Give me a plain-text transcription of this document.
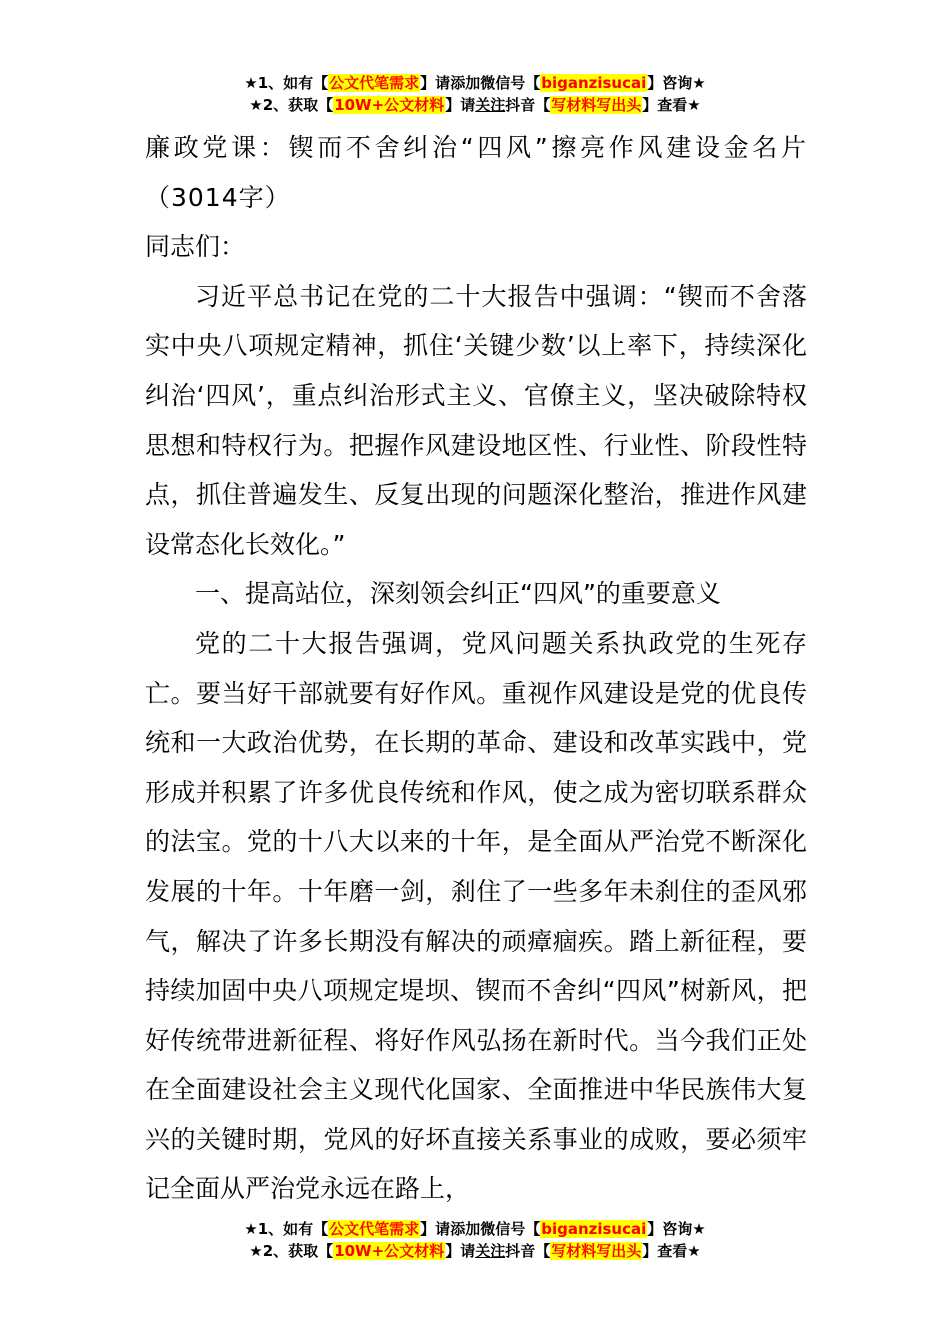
★1、如有【公文代笔需求】请添加微信号【biganzisucai】咨询★
★2、获取【10W+公文材料】请关注抖音【写材料写出头】查看★

廉政党课：锲而不舍纠治“四风”擦亮作风建设金名片（3014字）

同志们：

习近平总书记在党的二十大报告中强调：“锲而不舍落实中央八项规定精神，抓住‘关键少数’以上率下，持续深化纠治‘四风’，重点纠治形式主义、官僚主义，坚决破除特权思想和特权行为。把握作风建设地区性、行业性、阶段性特点，抓住普遍发生、反复出现的问题深化整治，推进作风建设常态化长效化。”

一、提高站位，深刻领会纠正“四风”的重要意义

党的二十大报告强调，党风问题关系执政党的生死存亡。要当好干部就要有好作风。重视作风建设是党的优良传统和一大政治优势，在长期的革命、建设和改革实践中，党形成并积累了许多优良传统和作风，使之成为密切联系群众的法宝。党的十八大以来的十年，是全面从严治党不断深化发展的十年。十年磨一剑，刹住了一些多年未刹住的歪风邪气，解决了许多长期没有解决的顽瘴痼疾。踏上新征程，要持续加固中央八项规定堤坝、锲而不舍纠“四风”树新风，把好传统带进新征程、将好作风弘扬在新时代。当今我们正处在全面建设社会主义现代化国家、全面推进中华民族伟大复兴的关键时期，党风的好坏直接关系事业的成败，要必须牢记全面从严治党永远在路上，

★1、如有【公文代笔需求】请添加微信号【biganzisucai】咨询★
★2、获取【10W+公文材料】请关注抖音【写材料写出头】查看★
